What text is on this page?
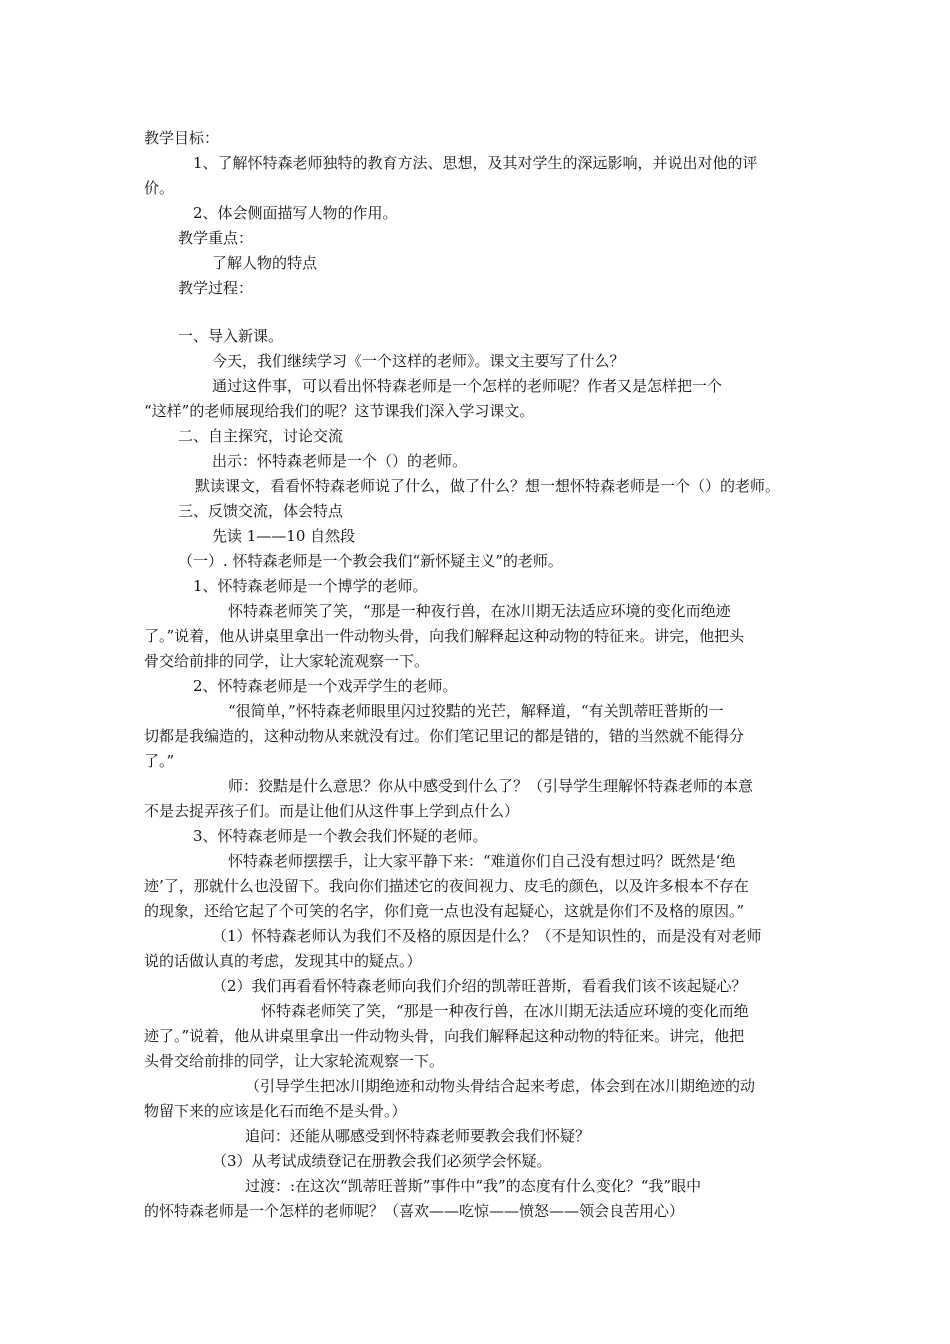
教学目标：
1、了解怀特森老师独特的教育方法、思想，及其对学生的深远影响，并说出对他的评
价。
2、体会侧面描写人物的作用。
教学重点：
了解人物的特点
教学过程：
一、导入新课。
今天，我们继续学习《一个这样的老师》。课文主要写了什么？
通过这件事，可以看出怀特森老师是一个怎样的老师呢？作者又是怎样把一个
“这样”的老师展现给我们的呢？这节课我们深入学习课文。
二、自主探究，讨论交流
出示：怀特森老师是一个（）的老师。
默读课文，看看怀特森老师说了什么，做了什么？想一想怀特森老师是一个（）的老师。
三、反馈交流，体会特点
先读 1——10 自然段
（一）. 怀特森老师是一个教会我们“新怀疑主义”的老师。
1、怀特森老师是一个博学的老师。
怀特森老师笑了笑，“那是一种夜行兽，在冰川期无法适应环境的变化而绝迹
了。”说着，他从讲桌里拿出一件动物头骨，向我们解释起这种动物的特征来。讲完，他把头
骨交给前排的同学，让大家轮流观察一下。
2、怀特森老师是一个戏弄学生的老师。
“很简单，”怀特森老师眼里闪过狡黠的光芒，解释道，“有关凯蒂旺普斯的一
切都是我编造的，这种动物从来就没有过。你们笔记里记的都是错的，错的当然就不能得分
了。”
师：狡黠是什么意思？你从中感受到什么了？（引导学生理解怀特森老师的本意
不是去捉弄孩子们。而是让他们从这件事上学到点什么）
3、怀特森老师是一个教会我们怀疑的老师。
怀特森老师摆摆手，让大家平静下来：“难道你们自己没有想过吗？既然是‘绝
迹’了，那就什么也没留下。我向你们描述它的夜间视力、皮毛的颜色，以及许多根本不存在
的现象，还给它起了个可笑的名字，你们竟一点也没有起疑心，这就是你们不及格的原因。”
（1）怀特森老师认为我们不及格的原因是什么？（不是知识性的，而是没有对老师
说的话做认真的考虑，发现其中的疑点。）
（2）我们再看看怀特森老师向我们介绍的凯蒂旺普斯，看看我们该不该起疑心？
怀特森老师笑了笑，“那是一种夜行兽，在冰川期无法适应环境的变化而绝
迹了。”说着，他从讲桌里拿出一件动物头骨，向我们解释起这种动物的特征来。讲完，他把
头骨交给前排的同学，让大家轮流观察一下。
（引导学生把冰川期绝迹和动物头骨结合起来考虑，体会到在冰川期绝迹的动
物留下来的应该是化石而绝不是头骨。）
追问：还能从哪感受到怀特森老师要教会我们怀疑？
（3）从考试成绩登记在册教会我们必须学会怀疑。
过渡：:在这次“凯蒂旺普斯”事件中“我”的态度有什么变化？“我”眼中
的怀特森老师是一个怎样的老师呢？（喜欢——吃惊——愤怒——领会良苦用心）
